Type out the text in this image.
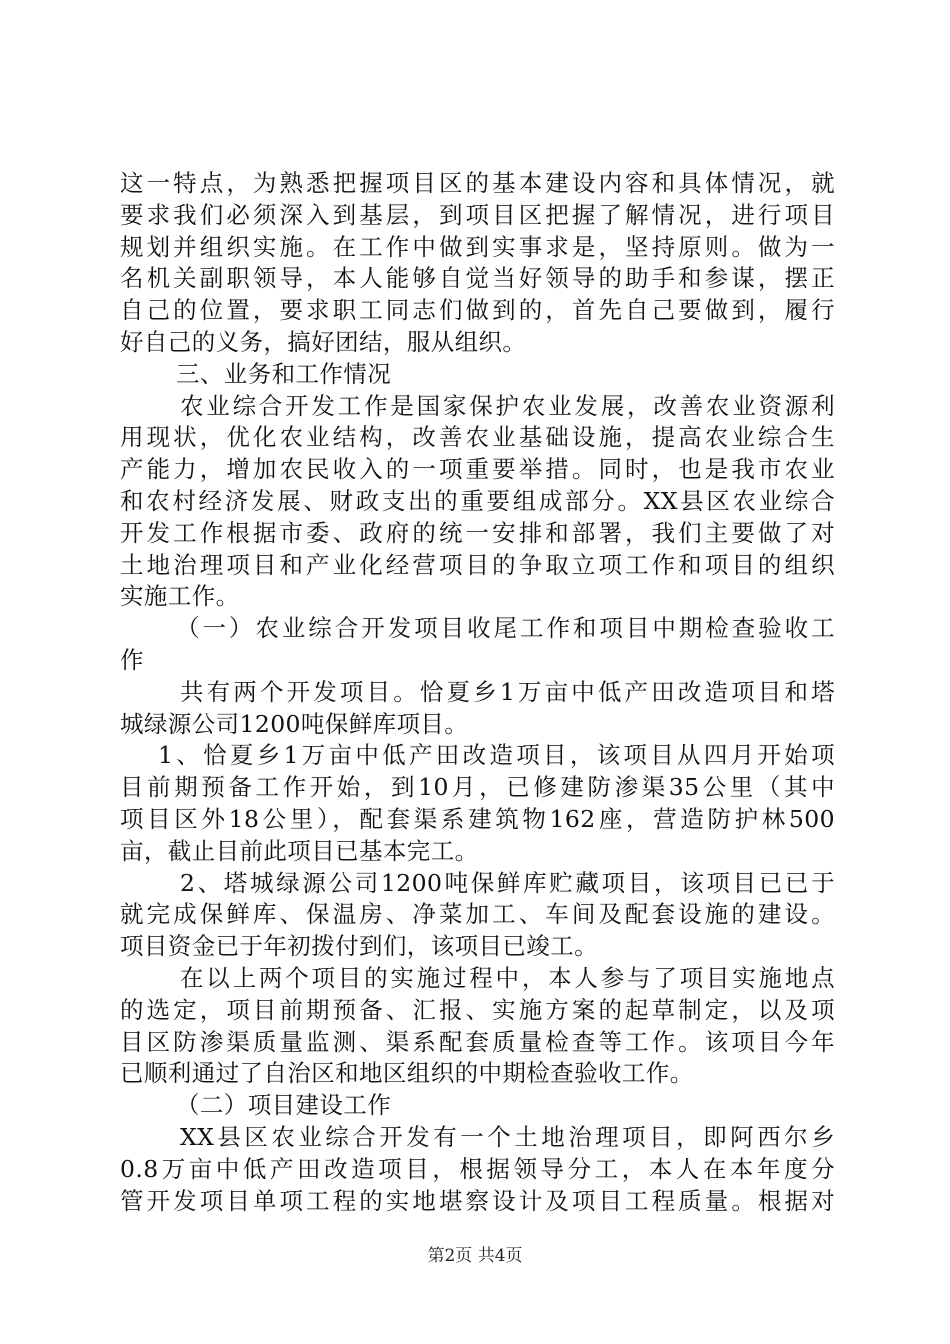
这一特点，为熟悉把握项目区的基本建设内容和具体情况，就
要求我们必须深入到基层，到项目区把握了解情况，进行项目
规划并组织实施。在工作中做到实事求是，坚持原则。做为一
名机关副职领导，本人能够自觉当好领导的助手和参谋，摆正
自己的位置，要求职工同志们做到的，首先自己要做到，履行
好自己的义务，搞好团结，服从组织。
三、业务和工作情况
农业综合开发工作是国家保护农业发展，改善农业资源利
用现状，优化农业结构，改善农业基础设施，提高农业综合生
产能力，增加农民收入的一项重要举措。同时，也是我市农业
和农村经济发展、财政支出的重要组成部分。XX县区农业综合
开发工作根据市委、政府的统一安排和部署，我们主要做了对
土地治理项目和产业化经营项目的争取立项工作和项目的组织
实施工作。
（一）农业综合开发项目收尾工作和项目中期检查验收工
作
共有两个开发项目。恰夏乡1万亩中低产田改造项目和塔
城绿源公司1200吨保鲜库项目。
1、恰夏乡1万亩中低产田改造项目，该项目从四月开始项
目前期预备工作开始，到10月，已修建防渗渠35公里（其中
项目区外18公里），配套渠系建筑物162座，营造防护林500
亩，截止目前此项目已基本完工。
2、塔城绿源公司1200吨保鲜库贮藏项目，该项目已已于
就完成保鲜库、保温房、净菜加工、车间及配套设施的建设。
项目资金已于年初拨付到们，该项目已竣工。
在以上两个项目的实施过程中，本人参与了项目实施地点
的选定，项目前期预备、汇报、实施方案的起草制定，以及项
目区防渗渠质量监测、渠系配套质量检查等工作。该项目今年
已顺利通过了自治区和地区组织的中期检查验收工作。
（二）项目建设工作
XX县区农业综合开发有一个土地治理项目，即阿西尔乡
0.8万亩中低产田改造项目，根据领导分工，本人在本年度分
管开发项目单项工程的实地堪察设计及项目工程质量。根据对
第2页 共4页
